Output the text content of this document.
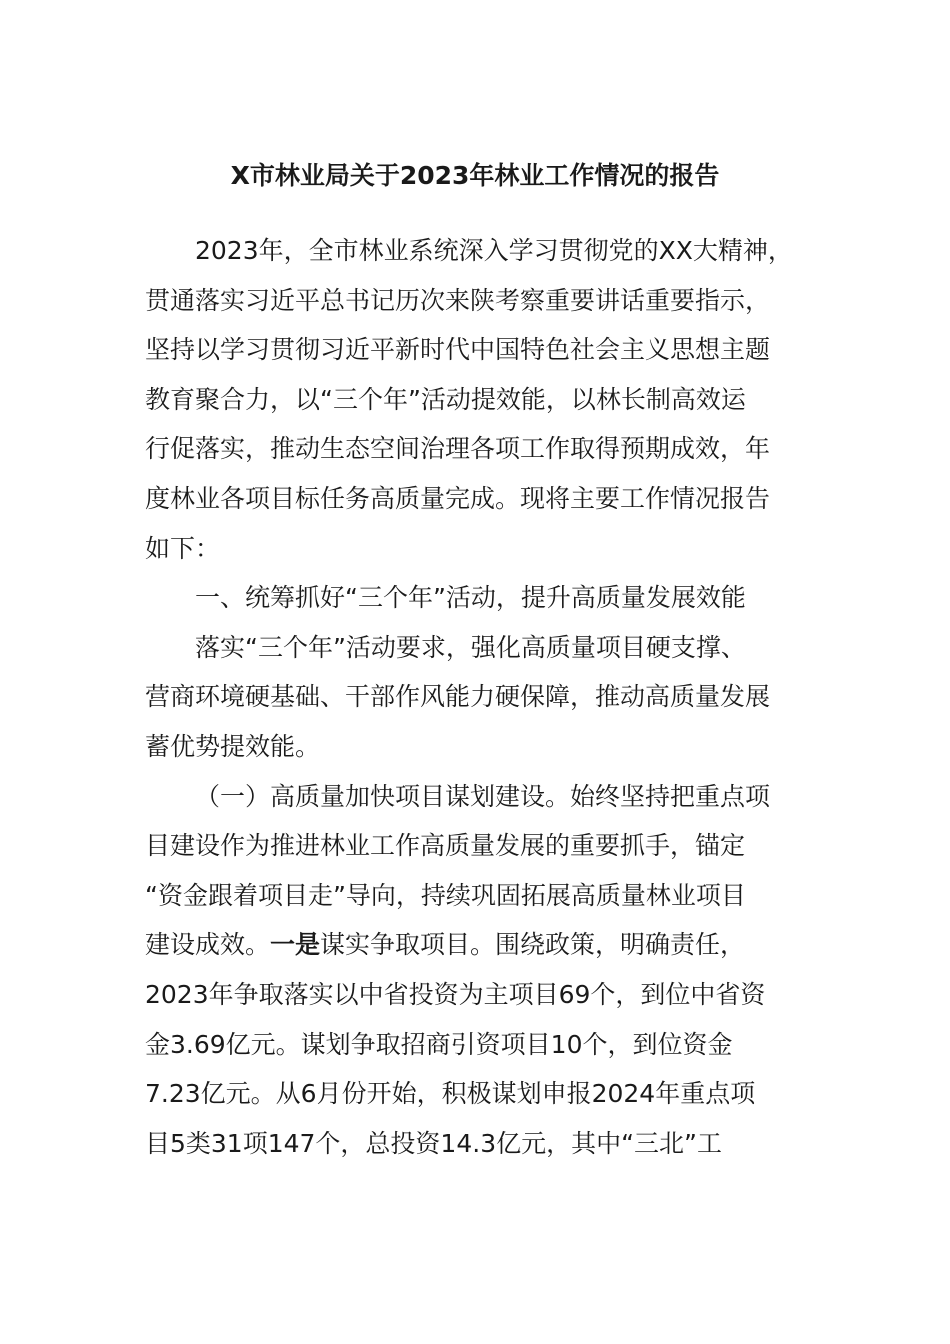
X市林业局关于2023年林业工作情况的报告
2023年，全市林业系统深入学习贯彻党的XX大精神，
贯通落实习近平总书记历次来陕考察重要讲话重要指示，
坚持以学习贯彻习近平新时代中国特色社会主义思想主题
教育聚合力，以“三个年”活动提效能，以林长制高效运
行促落实，推动生态空间治理各项工作取得预期成效，年
度林业各项目标任务高质量完成。现将主要工作情况报告
如下：
一、统筹抓好“三个年”活动，提升高质量发展效能
落实“三个年”活动要求，强化高质量项目硬支撑、
营商环境硬基础、干部作风能力硬保障，推动高质量发展
蓄优势提效能。
（一）高质量加快项目谋划建设。始终坚持把重点项
目建设作为推进林业工作高质量发展的重要抓手，锚定
“资金跟着项目走”导向，持续巩固拓展高质量林业项目
建设成效。一是谋实争取项目。围绕政策，明确责任，
2023年争取落实以中省投资为主项目69个，到位中省资
金3.69亿元。谋划争取招商引资项目10个，到位资金
7.23亿元。从6月份开始，积极谋划申报2024年重点项
目5类31项147个，总投资14.3亿元，其中“三北”工
